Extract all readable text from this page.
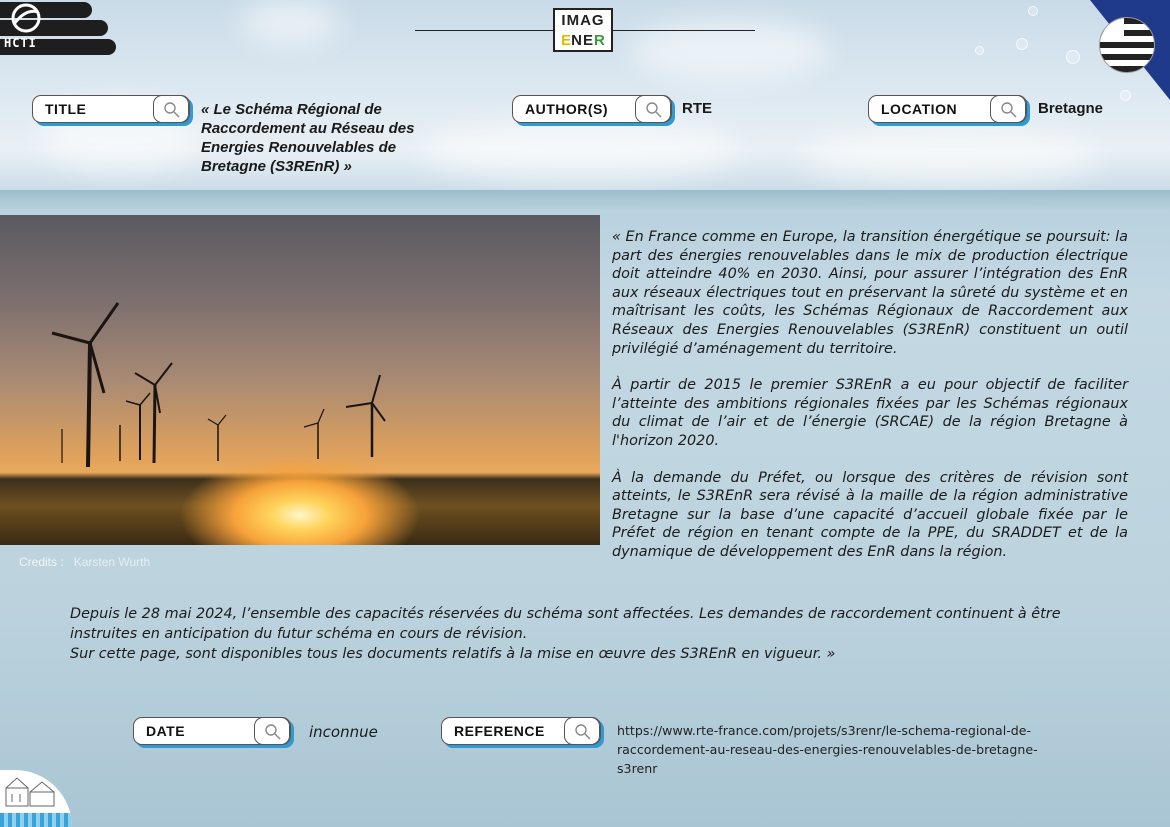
HCTI
IMAG
ENER
TITLE	« Le Schéma Régional de Raccordement au Réseau des Energies Renouvelables de Bretagne (S3REnR) »
AUTHOR(S)	RTE	LOCATION	Bretagne
Credits : Karsten Wurth

« En France comme en Europe, la transition énergétique se poursuit: la part des énergies renouvelables dans le mix de production électrique doit atteindre 40% en 2030. Ainsi, pour assurer l’intégration des EnR aux réseaux électriques tout en préservant la sûreté du système et en maîtrisant les coûts, les Schémas Régionaux de Raccordement aux Réseaux des Energies Renouvelables (S3REnR) constituent un outil privilégié d’aménagement du territoire.

À partir de 2015 le premier S3REnR a eu pour objectif de faciliter l’atteinte des ambitions régionales fixées par les Schémas régionaux du climat de l’air et de l’énergie (SRCAE) de la région Bretagne à l'horizon 2020.

À la demande du Préfet, ou lorsque des critères de révision sont atteints, le S3REnR sera révisé à la maille de la région administrative Bretagne sur la base d’une capacité d’accueil globale fixée par le Préfet de région en tenant compte de la PPE, du SRADDET et de la dynamique de développement des EnR dans la région.

Depuis le 28 mai 2024, l’ensemble des capacités réservées du schéma sont affectées. Les demandes de raccordement continuent à être instruites en anticipation du futur schéma en cours de révision.
Sur cette page, sont disponibles tous les documents relatifs à la mise en œuvre des S3REnR en vigueur. »
DATE	inconnue	REFERENCE	https://www.rte-france.com/projets/s3renr/le-schema-regional-de-raccordement-au-reseau-des-energies-renouvelables-de-bretagne-s3renr
